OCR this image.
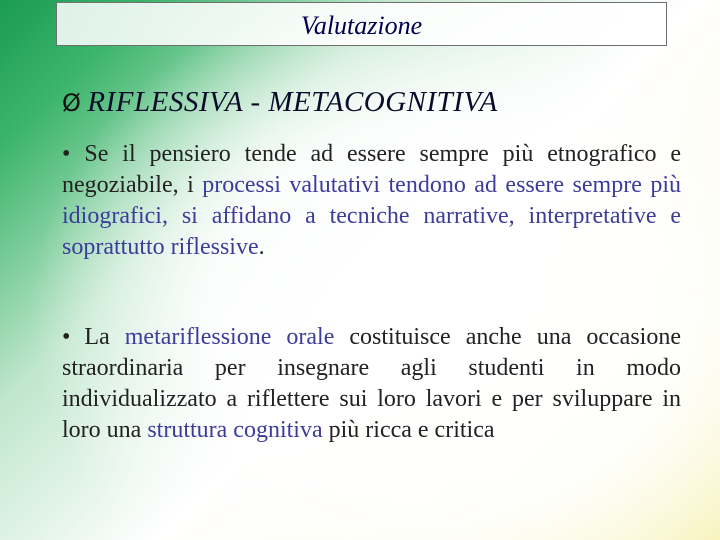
Valutazione
Ø RIFLESSIVA - METACOGNITIVA
• Se il pensiero tende ad essere sempre più etnografico e negoziabile, i processi valutativi tendono ad essere sempre più idiografici, si affidano a tecniche narrative, interpretative e soprattutto riflessive.
• La metariflessione orale costituisce anche una occasione straordinaria per insegnare agli studenti in modo individualizzato a riflettere sui loro lavori e per sviluppare in loro una struttura cognitiva più ricca e critica
